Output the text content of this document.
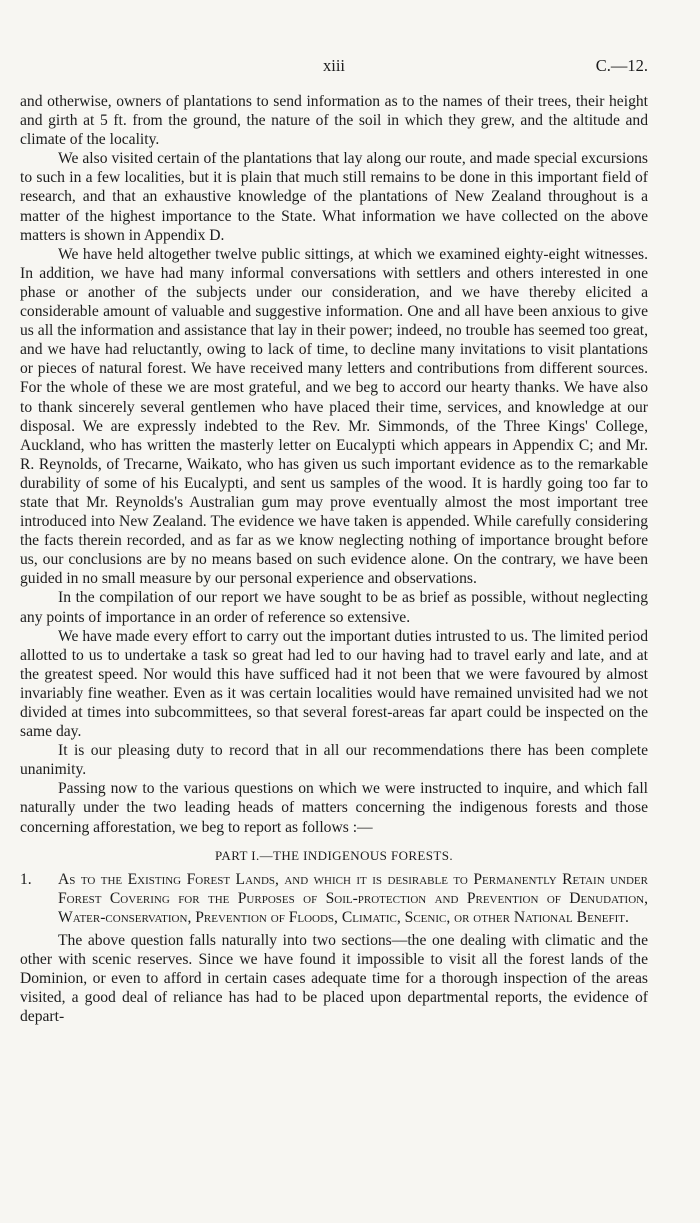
xiii	C.—12.

and otherwise, owners of plantations to send information as to the names of their trees, their height and girth at 5 ft. from the ground, the nature of the soil in which they grew, and the altitude and climate of the locality.

We also visited certain of the plantations that lay along our route, and made special excursions to such in a few localities, but it is plain that much still remains to be done in this important field of research, and that an exhaustive knowledge of the plantations of New Zealand throughout is a matter of the highest importance to the State. What information we have collected on the above matters is shown in Appendix D.

We have held altogether twelve public sittings, at which we examined eighty-eight witnesses. In addition, we have had many informal conversations with settlers and others interested in one phase or another of the subjects under our consideration, and we have thereby elicited a considerable amount of valuable and suggestive information. One and all have been anxious to give us all the information and assistance that lay in their power; indeed, no trouble has seemed too great, and we have had reluctantly, owing to lack of time, to decline many invitations to visit plantations or pieces of natural forest. We have received many letters and contributions from different sources. For the whole of these we are most grateful, and we beg to accord our hearty thanks. We have also to thank sincerely several gentlemen who have placed their time, services, and knowledge at our disposal. We are expressly indebted to the Rev. Mr. Simmonds, of the Three Kings' College, Auckland, who has written the masterly letter on Eucalypti which appears in Appendix C; and Mr. R. Reynolds, of Trecarne, Waikato, who has given us such important evidence as to the remarkable durability of some of his Eucalypti, and sent us samples of the wood. It is hardly going too far to state that Mr. Reynolds's Australian gum may prove eventually almost the most important tree introduced into New Zealand. The evidence we have taken is appended. While carefully considering the facts therein recorded, and as far as we know neglecting nothing of importance brought before us, our conclusions are by no means based on such evidence alone. On the contrary, we have been guided in no small measure by our personal experience and observations.

In the compilation of our report we have sought to be as brief as possible, without neglecting any points of importance in an order of reference so extensive.

We have made every effort to carry out the important duties intrusted to us. The limited period allotted to us to undertake a task so great had led to our having had to travel early and late, and at the greatest speed. Nor would this have sufficed had it not been that we were favoured by almost invariably fine weather. Even as it was certain localities would have remained unvisited had we not divided at times into subcommittees, so that several forest-areas far apart could be inspected on the same day.

It is our pleasing duty to record that in all our recommendations there has been complete unanimity.

Passing now to the various questions on which we were instructed to inquire, and which fall naturally under the two leading heads of matters concerning the indigenous forests and those concerning afforestation, we beg to report as follows :—

PART I.—THE INDIGENOUS FORESTS.
1. As to the Existing Forest Lands, and which it is desirable to Permanently Retain under Forest Covering for the Purposes of Soil-protection and Prevention of Denudation, Water-conservation, Prevention of Floods, Climatic, Scenic, or other National Benefit.

The above question falls naturally into two sections—the one dealing with climatic and the other with scenic reserves. Since we have found it impossible to visit all the forest lands of the Dominion, or even to afford in certain cases adequate time for a thorough inspection of the areas visited, a good deal of reliance has had to be placed upon departmental reports, the evidence of depart-
